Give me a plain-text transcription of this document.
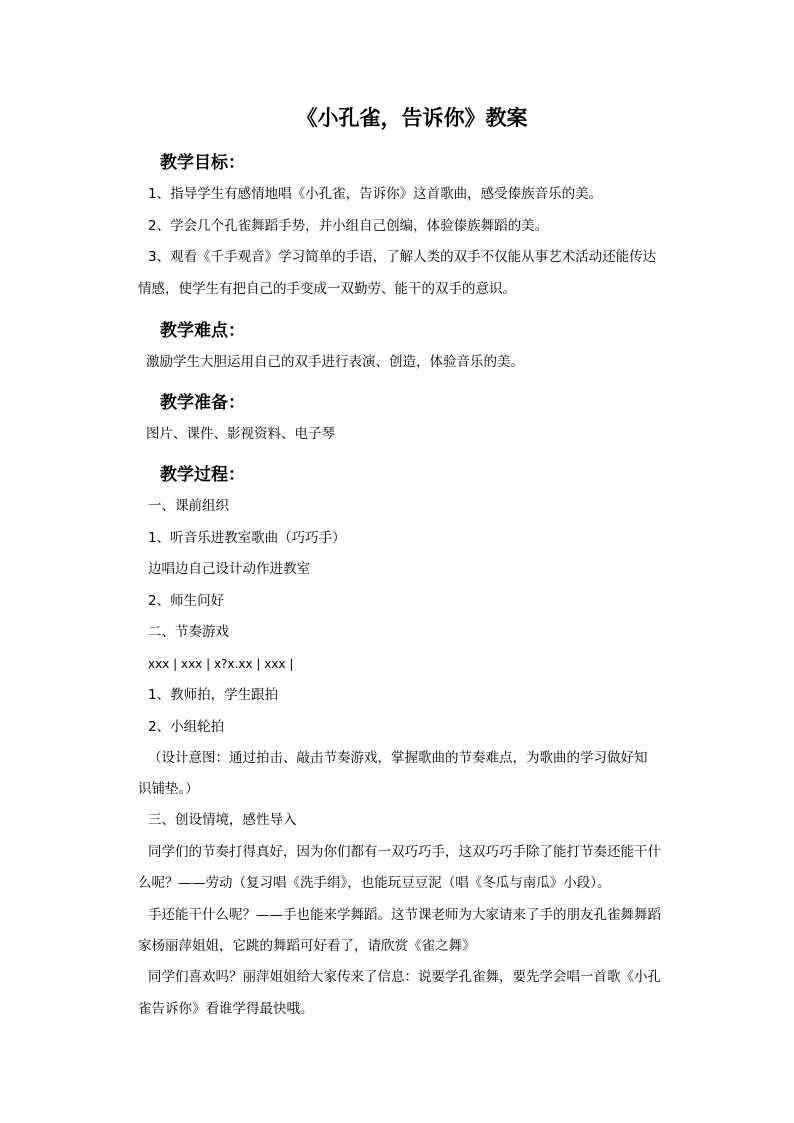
《小孔雀，告诉你》教案
教学目标：
1、指导学生有感情地唱《小孔雀，告诉你》这首歌曲，感受傣族音乐的美。
2、学会几个孔雀舞蹈手势，并小组自己创编，体验傣族舞蹈的美。
3、观看《千手观音》学习简单的手语，了解人类的双手不仅能从事艺术活动还能传达
情感，使学生有把自己的手变成一双勤劳、能干的双手的意识。
教学难点：
激励学生大胆运用自己的双手进行表演、创造，体验音乐的美。
教学准备：
图片、课件、影视资料、电子琴
教学过程：
一、课前组织
1、听音乐进教室歌曲（巧巧手）
边唱边自己设计动作进教室
2、师生问好
二、节奏游戏
xxx | xxx | x?x.xx | xxx |
1、教师拍，学生跟拍
2、小组轮拍
（设计意图：通过拍击、敲击节奏游戏，掌握歌曲的节奏难点，为歌曲的学习做好知
识铺垫。）
三、创设情境，感性导入
同学们的节奏打得真好，因为你们都有一双巧巧手，这双巧巧手除了能打节奏还能干什
么呢？——劳动（复习唱《洗手绢》，也能玩豆豆泥（唱《冬瓜与南瓜》小段）。
手还能干什么呢？——手也能来学舞蹈。这节课老师为大家请来了手的朋友孔雀舞舞蹈
家杨丽萍姐姐，它跳的舞蹈可好看了，请欣赏《雀之舞》
同学们喜欢吗？丽萍姐姐给大家传来了信息：说要学孔雀舞，要先学会唱一首歌《小孔
雀告诉你》看谁学得最快哦。
